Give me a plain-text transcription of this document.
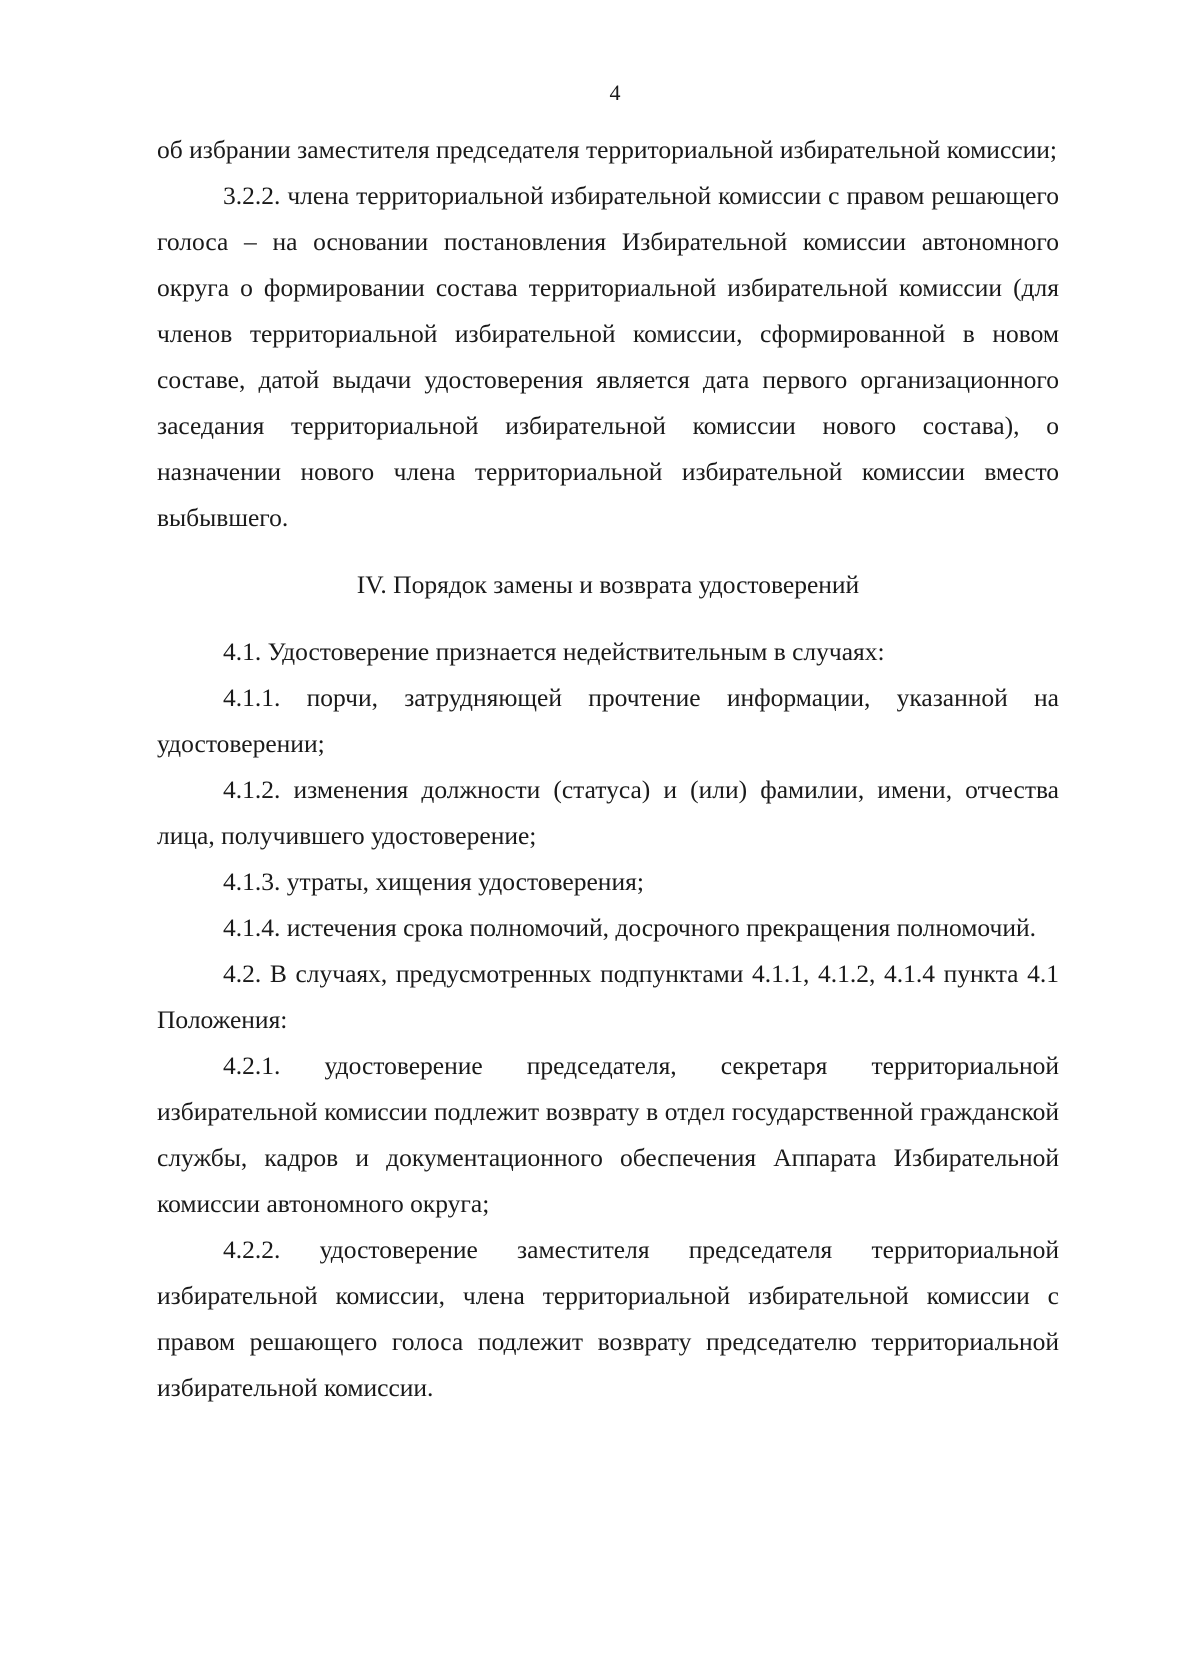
4

об избрании заместителя председателя территориальной избирательной комиссии;

3.2.2. члена территориальной избирательной комиссии с правом решающего голоса – на основании постановления Избирательной комиссии автономного округа о формировании состава территориальной избирательной комиссии (для членов территориальной избирательной комиссии, сформированной в новом составе, датой выдачи удостоверения является дата первого организационного заседания территориальной избирательной комиссии нового состава), о назначении нового члена территориальной избирательной комиссии вместо выбывшего.

IV. Порядок замены и возврата удостоверений

4.1. Удостоверение признается недействительным в случаях:

4.1.1. порчи, затрудняющей прочтение информации, указанной на удостоверении;

4.1.2. изменения должности (статуса) и (или) фамилии, имени, отчества лица, получившего удостоверение;

4.1.3. утраты, хищения удостоверения;

4.1.4. истечения срока полномочий, досрочного прекращения полномочий.

4.2. В случаях, предусмотренных подпунктами 4.1.1, 4.1.2, 4.1.4 пункта 4.1 Положения:

4.2.1. удостоверение председателя, секретаря территориальной избирательной комиссии подлежит возврату в отдел государственной гражданской службы, кадров и документационного обеспечения Аппарата Избирательной комиссии автономного округа;

4.2.2. удостоверение заместителя председателя территориальной избирательной комиссии, члена территориальной избирательной комиссии с правом решающего голоса подлежит возврату председателю территориальной избирательной комиссии.
